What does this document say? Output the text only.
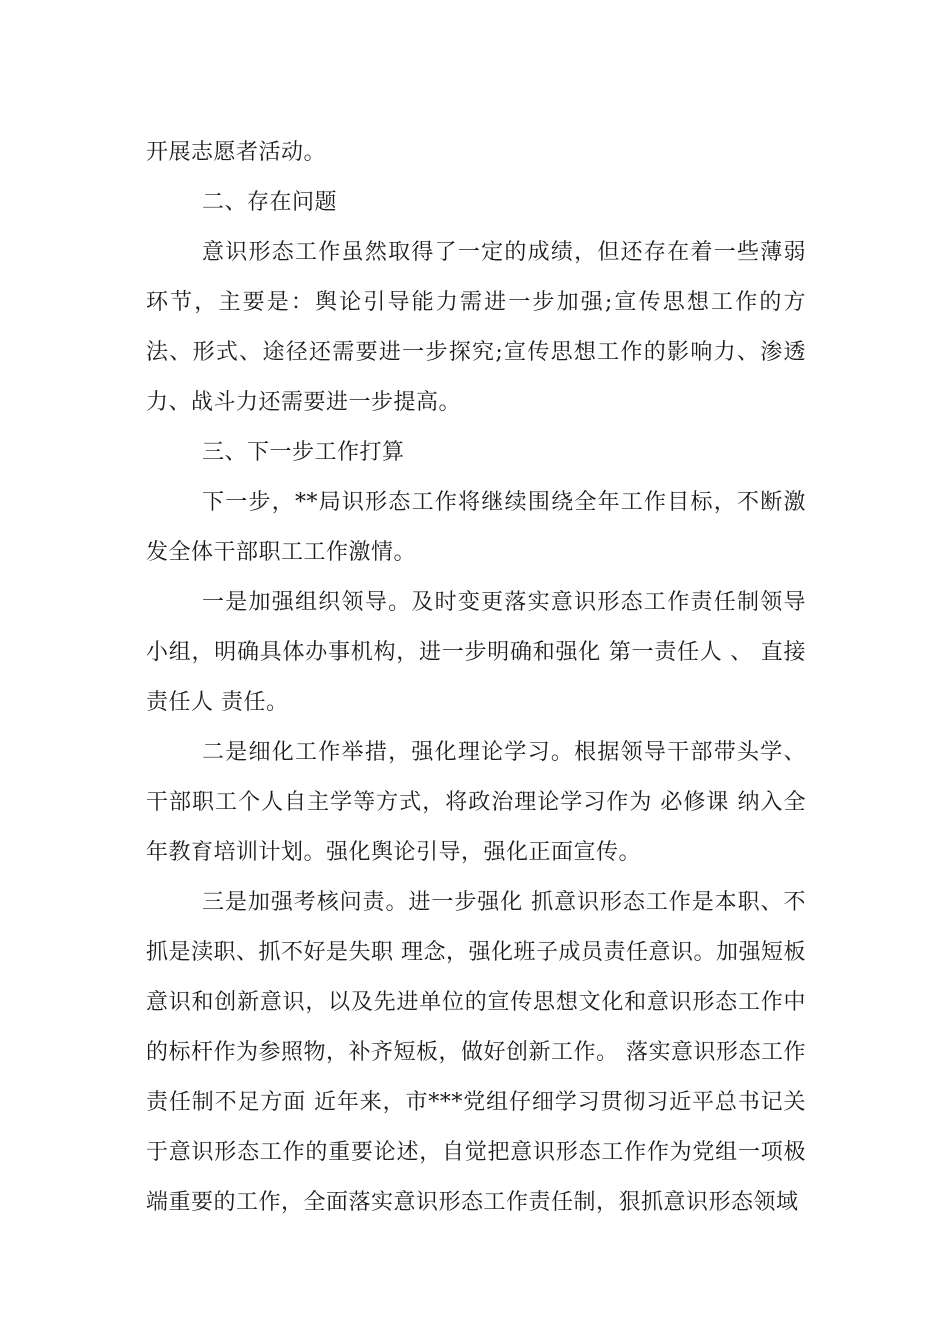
开展志愿者活动。

二、存在问题

意识形态工作虽然取得了一定的成绩，但还存在着一些薄弱环节，主要是：舆论引导能力需进一步加强;宣传思想工作的方法、形式、途径还需要进一步探究;宣传思想工作的影响力、渗透力、战斗力还需要进一步提高。

三、下一步工作打算

下一步，**局识形态工作将继续围绕全年工作目标，不断激发全体干部职工工作激情。

一是加强组织领导。及时变更落实意识形态工作责任制领导小组，明确具体办事机构，进一步明确和强化 第一责任人 、 直接责任人 责任。

二是细化工作举措，强化理论学习。根据领导干部带头学、干部职工个人自主学等方式，将政治理论学习作为 必修课 纳入全年教育培训计划。强化舆论引导，强化正面宣传。

三是加强考核问责。进一步强化 抓意识形态工作是本职、不抓是渎职、抓不好是失职 理念，强化班子成员责任意识。加强短板意识和创新意识，以及先进单位的宣传思想文化和意识形态工作中的标杆作为参照物，补齐短板，做好创新工作。 落实意识形态工作责任制不足方面 近年来，市***党组仔细学习贯彻习近平总书记关于意识形态工作的重要论述，自觉把意识形态工作作为党组一项极端重要的工作，全面落实意识形态工作责任制，狠抓意识形态领域
